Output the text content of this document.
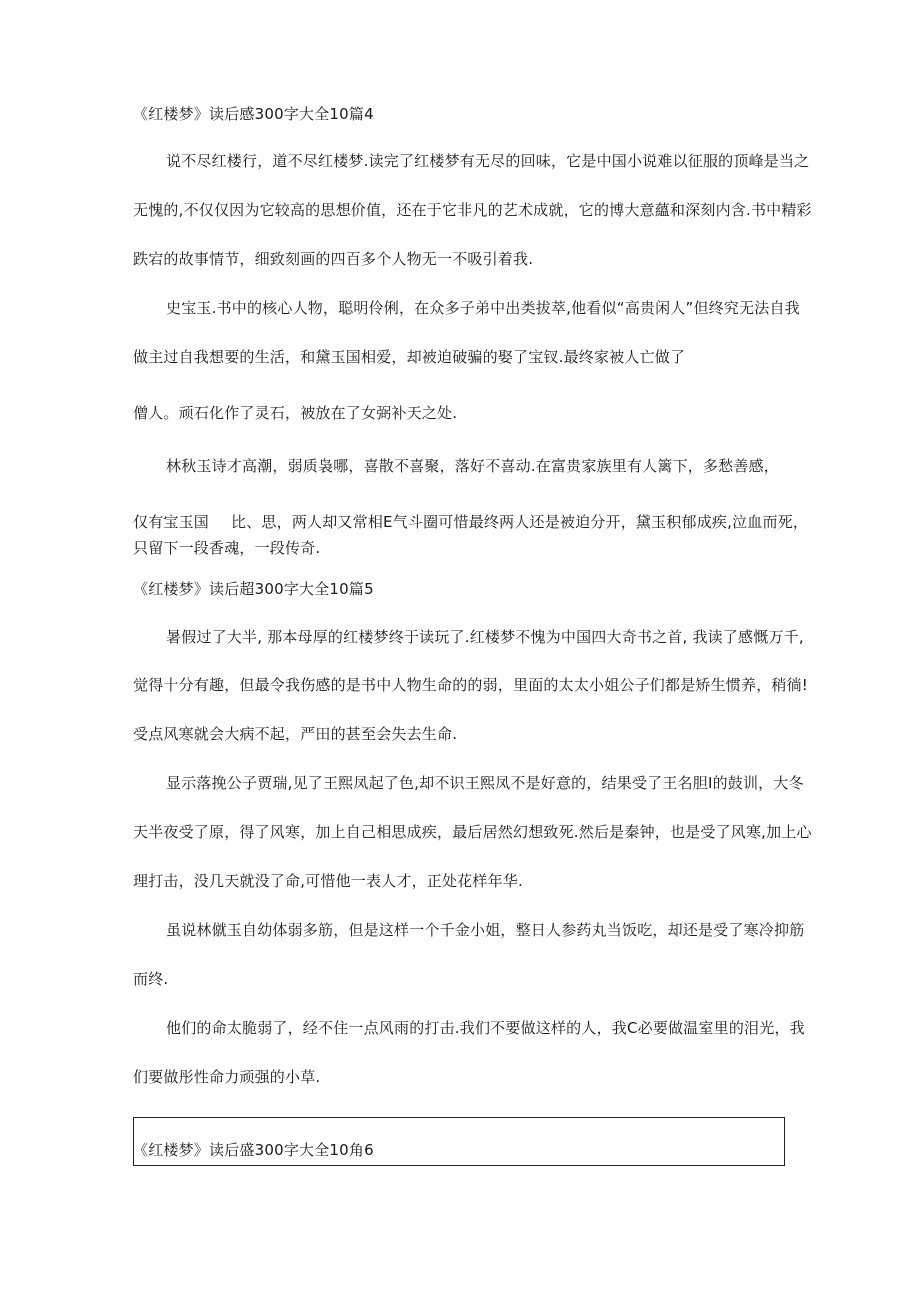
《红楼梦》读后感300字大全10篇4
说不尽红楼行，道不尽红楼梦.读完了红楼梦有无尽的回味，它是中国小说难以征服的顶峰是当之
无愧的,不仅仅因为它较高的思想价值，还在于它非凡的艺术成就，它的博大意蘊和深刻内含.书中精彩
跌宕的故事情节，细致刻画的四百多个人物无一不吸引着我.
史宝玉.书中的核心人物，聪明伶俐，在众多子弟中出类拔萃,他看似“高贵闲人”但终究无法自我
做主过自我想要的生活，和黛玉国相爱，却被迫破骗的娶了宝钗.最终家被人亡做了
僧人。顽石化作了灵石，被放在了女弼补天之处.
林秋玉诗才高潮，弱质袅哪，喜散不喜聚，落好不喜动.在富贵家族里有人篱下，多愁善感，
仅有宝玉国 比、思，两人却又常相E气斗圈可惜最终两人还是被迫分开，黛玉积郁成疾,泣血而死，
只留下一段香魂，一段传奇.
《红楼梦》读后超300字大全10篇5
暑假过了大半, 那本母厚的红楼梦终于读玩了.红楼梦不愧为中国四大奇书之首, 我读了感慨万千,
觉得十分有趣，但最令我伤感的是书中人物生命的的弱，里面的太太小姐公子们都是矫生惯养，稍徜!
受点风寒就会大病不起，严田的甚至会失去生命.
显示落挽公子贾瑞,见了王熙凤起了色,却不识王熙凤不是好意的，结果受了王名胆I的鼓训，大冬
天半夜受了原，得了风寒，加上自己相思成疾，最后居然幻想致死.然后是秦钟，也是受了风寒,加上心
理打击，没几天就没了命,可惜他一表人才，正处花样年华.
虽说林僦玉自幼体弱多筋，但是这样一个千金小姐，整日人参药丸当饭吃，却还是受了寒冷抑筋
而终.
他们的命太脆弱了，经不住一点风雨的打击.我们不要做这样的人，我C必要做温室里的泪光，我
们要做彤性命力顽强的小草.
《红楼梦》读后盛300字大全10角6
